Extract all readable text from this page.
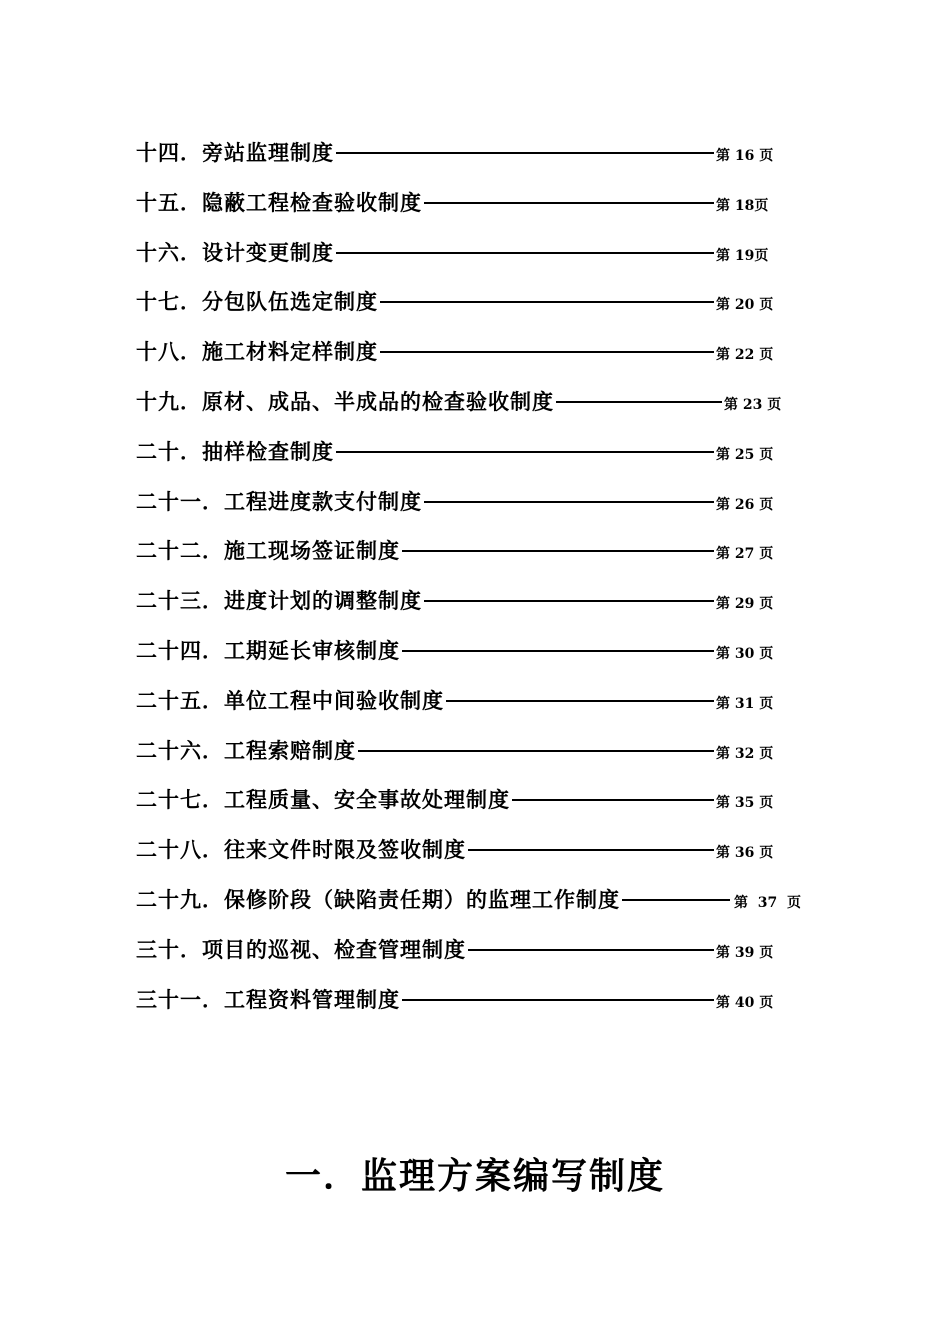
十四．旁站监理制度	第 16 页
十五．隐蔽工程检查验收制度	第 18页
十六．设计变更制度	第 19页
十七．分包队伍选定制度	第 20 页
十八．施工材料定样制度	第 22 页
十九．原材、成品、半成品的检查验收制度	第 23 页
二十．抽样检查制度	第 25 页
二十一．工程进度款支付制度	第 26 页
二十二．施工现场签证制度	第 27 页
二十三．进度计划的调整制度	第 29 页
二十四．工期延长审核制度	第 30 页
二十五．单位工程中间验收制度	第 31 页
二十六．工程索赔制度	第 32 页
二十七．工程质量、安全事故处理制度	第 35 页
二十八．往来文件时限及签收制度	第 36 页
二十九．保修阶段（缺陷责任期）的监理工作制度	第  37  页
三十．项目的巡视、检查管理制度	第 39 页
三十一．工程资料管理制度	第 40 页
一．监理方案编写制度
